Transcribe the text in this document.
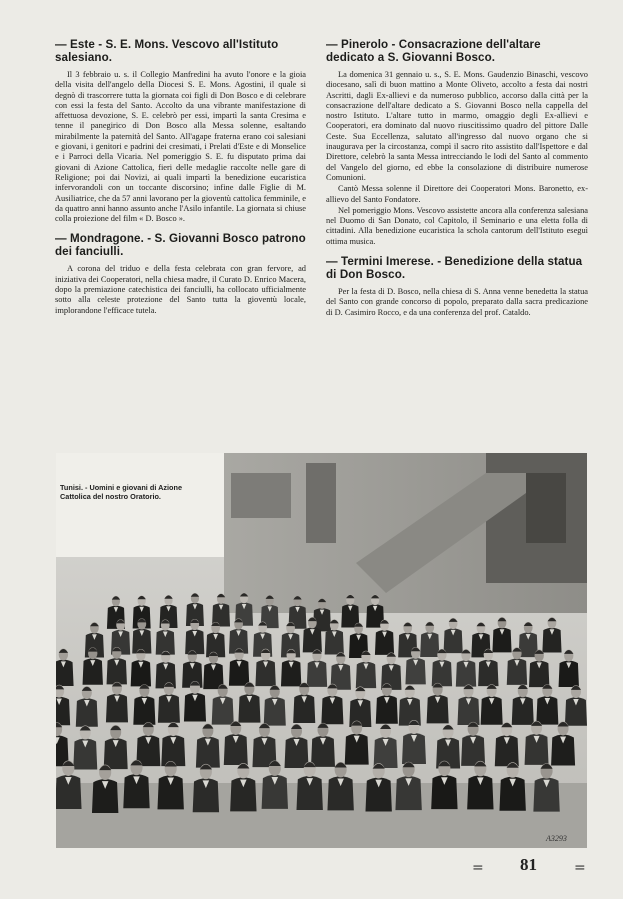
— Este - S. E. Mons. Vescovo all'Istituto salesiano.

Il 3 febbraio u. s. il Collegio Manfredini ha avuto l'onore e la gioia della visita dell'angelo della Diocesi S. E. Mons. Agostini, il quale si degnò di trascorrere tutta la giornata coi figli di Don Bosco e di celebrare con essi la festa del Santo. Accolto da una vibrante manifestazione di affettuosa devozione, S. E. celebrò per essi, impartì la santa Cresima e tenne il panegirico di Don Bosco alla Messa solenne, esaltando mirabilmente la paternità del Santo. All'agape fraterna erano coi salesiani e giovani, i genitori e padrini dei cresimati, i Prelati d'Este e di Monselice e i Parroci della Vicaria. Nel pomeriggio S. E. fu disputato prima dai giovani di Azione Cattolica, fieri delle medaglie raccolte nelle gare di Religione; poi dai Novizi, ai quali impartì la benedizione eucaristica infervorandoli con un toccante discorsino; infine dalle Figlie di M. Ausiliatrice, che da 57 anni lavorano per la gioventù cattolica femminile, e da quattro anni hanno assunto anche l'Asilo infantile. La giornata si chiuse colla proiezione del film « D. Bosco ».

— Mondragone. - S. Giovanni Bosco patrono dei fanciulli.

A corona del triduo e della festa celebrata con gran fervore, ad iniziativa dei Cooperatori, nella chiesa madre, il Curato D. Enrico Macera, dopo la premiazione catechistica dei fanciulli, ha collocato ufficialmente sotto alla celeste protezione del Santo tutta la gioventù locale, implorandone l'efficace tutela.

— Pinerolo - Consacrazione dell'altare dedicato a S. Giovanni Bosco.

La domenica 31 gennaio u. s., S. E. Mons. Gaudenzio Binaschi, vescovo diocesano, salì di buon mattino a Monte Oliveto, accolto a festa dai nostri Ascritti, dagli Ex-allievi e da numeroso pubblico, accorso dalla città per la consacrazione dell'altare dedicato a S. Giovanni Bosco nella cappella del nostro Istituto. L'altare tutto in marmo, omaggio degli Ex-allievi e Cooperatori, era dominato dal nuovo riuscitissimo quadro del pittore Dalle Ceste. Sua Eccellenza, salutato all'ingresso dal nuovo organo che si inaugurava per la circostanza, compì il sacro rito assistito dall'Ispettore e dal Direttore, celebrò la santa Messa intrecciando le lodi del Santo al commento del Vangelo del giorno, ed ebbe la consolazione di distribuire numerose Comunioni.

Cantò Messa solenne il Direttore dei Cooperatori Mons. Baronetto, ex-allievo del Santo Fondatore.

Nel pomeriggio Mons. Vescovo assistette ancora alla conferenza salesiana nel Duomo di San Donato, col Capitolo, il Seminario e una eletta folla di cittadini. Alla benedizione eucaristica la schola cantorum dell'Istituto eseguì ottima musica.

— Termini Imerese. - Benedizione della statua di Don Bosco.

Per la festa di D. Bosco, nella chiesa di S. Anna venne benedetta la statua del Santo con grande concorso di popolo, preparato dalla sacra predicazione di D. Casimiro Rocco, e da una conferenza del prof. Cataldo.

Tunisi. - Uomini e giovani di Azione Cattolica del nostro Oratorio.
A3293
= 81	=
